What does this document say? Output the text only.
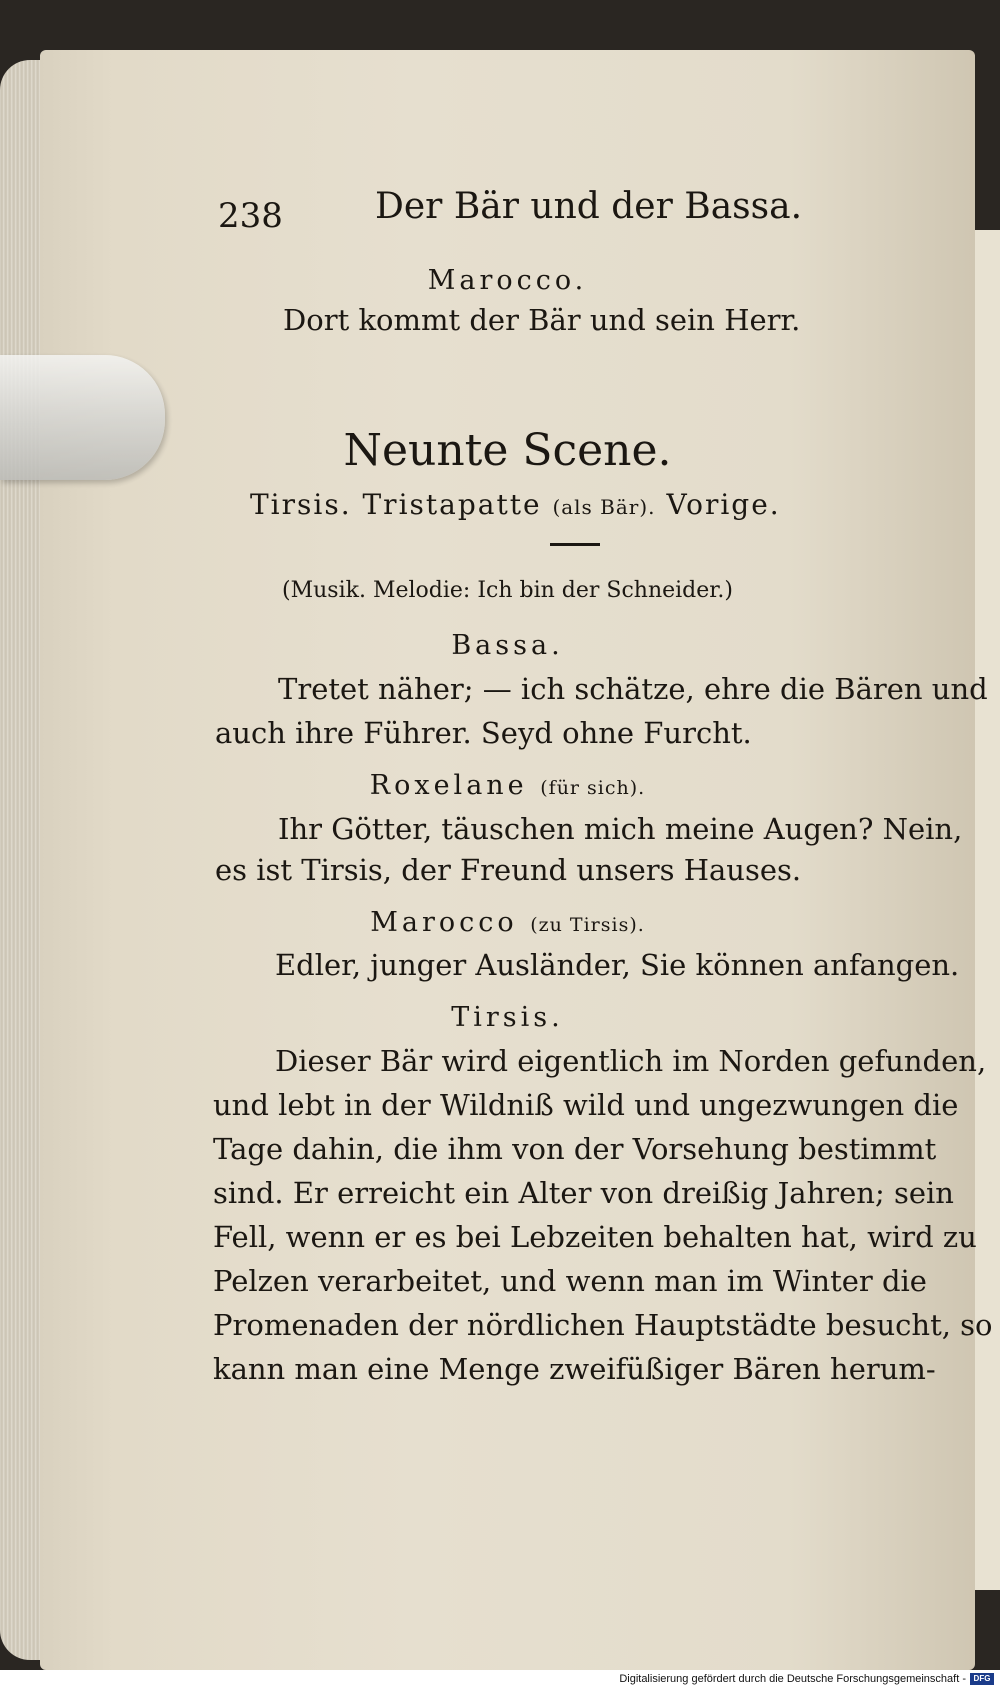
238	Der Bär und der Bassa.
Marocco.
Dort kommt der Bär und sein Herr.
Neunte Scene.
Tirsis. Tristapatte (als Bär). Vorige.
(Musik. Melodie: Ich bin der Schneider.)
Bassa.
Tretet näher; — ich schätze, ehre die Bären und
auch ihre Führer. Seyd ohne Furcht.
Roxelane (für sich).
Ihr Götter, täuschen mich meine Augen? Nein,
es ist Tirsis, der Freund unsers Hauses.
Marocco (zu Tirsis).
Edler, junger Ausländer, Sie können anfangen.
Tirsis.
Dieser Bär wird eigentlich im Norden gefunden,
und lebt in der Wildniß wild und ungezwungen die
Tage dahin, die ihm von der Vorsehung bestimmt
sind. Er erreicht ein Alter von dreißig Jahren; sein
Fell, wenn er es bei Lebzeiten behalten hat, wird zu
Pelzen verarbeitet, und wenn man im Winter die
Promenaden der nördlichen Hauptstädte besucht, so
kann man eine Menge zweifüßiger Bären herum-
Digitalisierung gefördert durch die Deutsche Forschungsgemeinschaft - DFG
